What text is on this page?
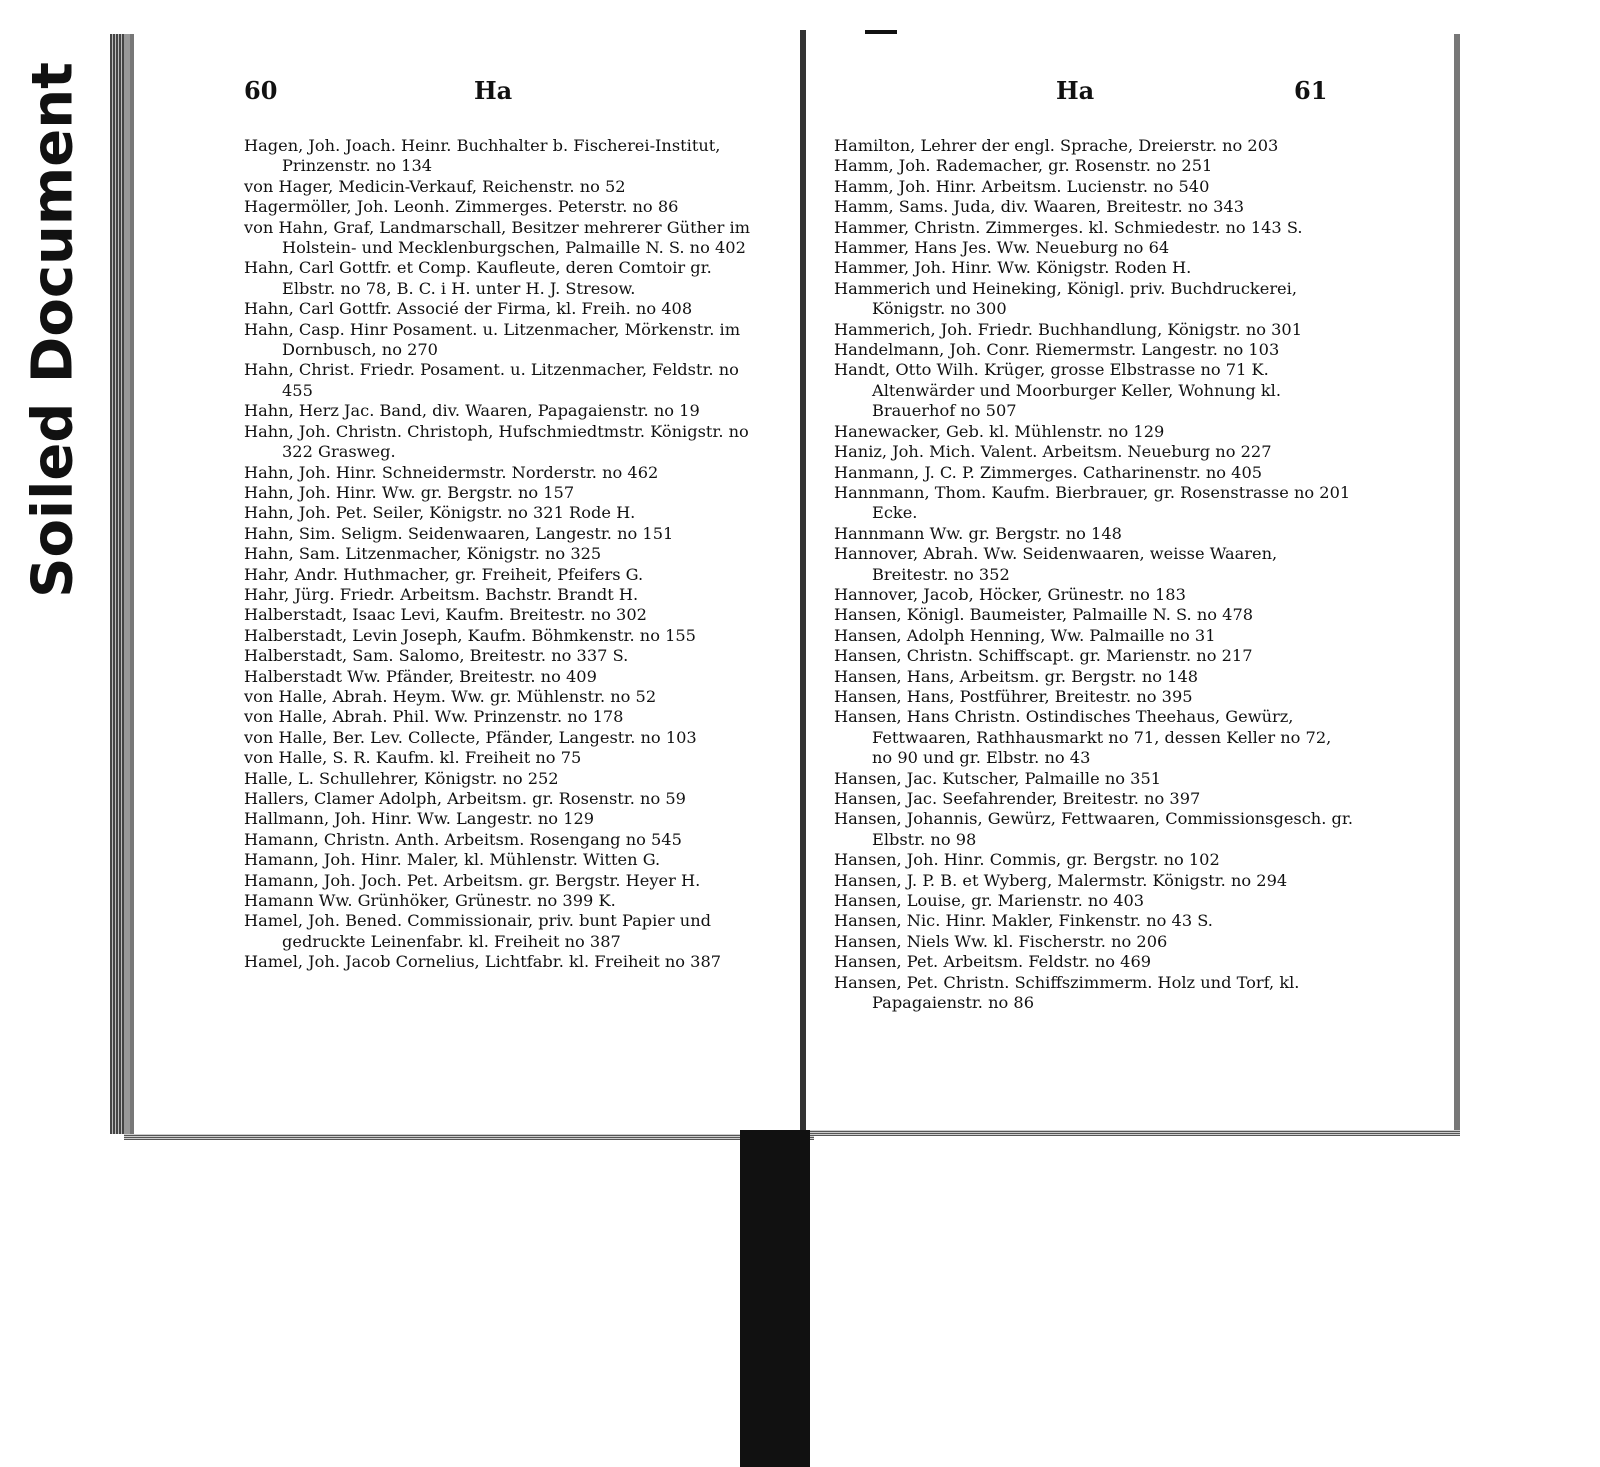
Soiled Document	60	Ha

Hagen, Joh. Joach. Heinr. Buchhalter b. Fischerei-Institut, Prinzenstr. no 134

von Hager, Medicin-Verkauf, Reichenstr. no 52

Hagermöller, Joh. Leonh. Zimmerges. Peterstr. no 86

von Hahn, Graf, Landmarschall, Besitzer mehrerer Güther im Holstein- und Mecklenburgschen, Palmaille N. S. no 402

Hahn, Carl Gottfr. et Comp. Kaufleute, deren Comtoir gr. Elbstr. no 78, B. C. i H. unter H. J. Stresow.

Hahn, Carl Gottfr. Associé der Firma, kl. Freih. no 408

Hahn, Casp. Hinr Posament. u. Litzenmacher, Mörkenstr. im Dornbusch, no 270

Hahn, Christ. Friedr. Posament. u. Litzenmacher, Feldstr. no 455

Hahn, Herz Jac. Band, div. Waaren, Papagaienstr. no 19

Hahn, Joh. Christn. Christoph, Hufschmiedtmstr. Königstr. no 322 Grasweg.

Hahn, Joh. Hinr. Schneidermstr. Norderstr. no 462

Hahn, Joh. Hinr. Ww. gr. Bergstr. no 157

Hahn, Joh. Pet. Seiler, Königstr. no 321 Rode H.

Hahn, Sim. Seligm. Seidenwaaren, Langestr. no 151

Hahn, Sam. Litzenmacher, Königstr. no 325

Hahr, Andr. Huthmacher, gr. Freiheit, Pfeifers G.

Hahr, Jürg. Friedr. Arbeitsm. Bachstr. Brandt H.

Halberstadt, Isaac Levi, Kaufm. Breitestr. no 302

Halberstadt, Levin Joseph, Kaufm. Böhmkenstr. no 155

Halberstadt, Sam. Salomo, Breitestr. no 337 S.

Halberstadt Ww. Pfänder, Breitestr. no 409

von Halle, Abrah. Heym. Ww. gr. Mühlenstr. no 52

von Halle, Abrah. Phil. Ww. Prinzenstr. no 178

von Halle, Ber. Lev. Collecte, Pfänder, Langestr. no 103

von Halle, S. R. Kaufm. kl. Freiheit no 75

Halle, L. Schullehrer, Königstr. no 252

Hallers, Clamer Adolph, Arbeitsm. gr. Rosenstr. no 59

Hallmann, Joh. Hinr. Ww. Langestr. no 129

Hamann, Christn. Anth. Arbeitsm. Rosengang no 545

Hamann, Joh. Hinr. Maler, kl. Mühlenstr. Witten G.

Hamann, Joh. Joch. Pet. Arbeitsm. gr. Bergstr. Heyer H.

Hamann Ww. Grünhöker, Grünestr. no 399 K.

Hamel, Joh. Bened. Commissionair, priv. bunt Papier und gedruckte Leinenfabr. kl. Freiheit no 387

Hamel, Joh. Jacob Cornelius, Lichtfabr. kl. Freiheit no 387

Ha	61

Hamilton, Lehrer der engl. Sprache, Dreierstr. no 203

Hamm, Joh. Rademacher, gr. Rosenstr. no 251

Hamm, Joh. Hinr. Arbeitsm. Lucienstr. no 540

Hamm, Sams. Juda, div. Waaren, Breitestr. no 343

Hammer, Christn. Zimmerges. kl. Schmiedestr. no 143 S.

Hammer, Hans Jes. Ww. Neueburg no 64

Hammer, Joh. Hinr. Ww. Königstr. Roden H.

Hammerich und Heineking, Königl. priv. Buchdruckerei, Königstr. no 300

Hammerich, Joh. Friedr. Buchhandlung, Königstr. no 301

Handelmann, Joh. Conr. Riemermstr. Langestr. no 103

Handt, Otto Wilh. Krüger, grosse Elbstrasse no 71 K. Altenwärder und Moorburger Keller, Wohnung kl. Brauerhof no 507

Hanewacker, Geb. kl. Mühlenstr. no 129

Haniz, Joh. Mich. Valent. Arbeitsm. Neueburg no 227

Hanmann, J. C. P. Zimmerges. Catharinenstr. no 405

Hannmann, Thom. Kaufm. Bierbrauer, gr. Rosenstrasse no 201 Ecke.

Hannmann Ww. gr. Bergstr. no 148

Hannover, Abrah. Ww. Seidenwaaren, weisse Waaren, Breitestr. no 352

Hannover, Jacob, Höcker, Grünestr. no 183

Hansen, Königl. Baumeister, Palmaille N. S. no 478

Hansen, Adolph Henning, Ww. Palmaille no 31

Hansen, Christn. Schiffscapt. gr. Marienstr. no 217

Hansen, Hans, Arbeitsm. gr. Bergstr. no 148

Hansen, Hans, Postführer, Breitestr. no 395

Hansen, Hans Christn. Ostindisches Theehaus, Gewürz, Fettwaaren, Rathhausmarkt no 71, dessen Keller no 72, no 90 und gr. Elbstr. no 43

Hansen, Jac. Kutscher, Palmaille no 351

Hansen, Jac. Seefahrender, Breitestr. no 397

Hansen, Johannis, Gewürz, Fettwaaren, Commissionsgesch. gr. Elbstr. no 98

Hansen, Joh. Hinr. Commis, gr. Bergstr. no 102

Hansen, J. P. B. et Wyberg, Malermstr. Königstr. no 294

Hansen, Louise, gr. Marienstr. no 403

Hansen, Nic. Hinr. Makler, Finkenstr. no 43 S.

Hansen, Niels Ww. kl. Fischerstr. no 206

Hansen, Pet. Arbeitsm. Feldstr. no 469

Hansen, Pet. Christn. Schiffszimmerm. Holz und Torf, kl. Papagaienstr. no 86
